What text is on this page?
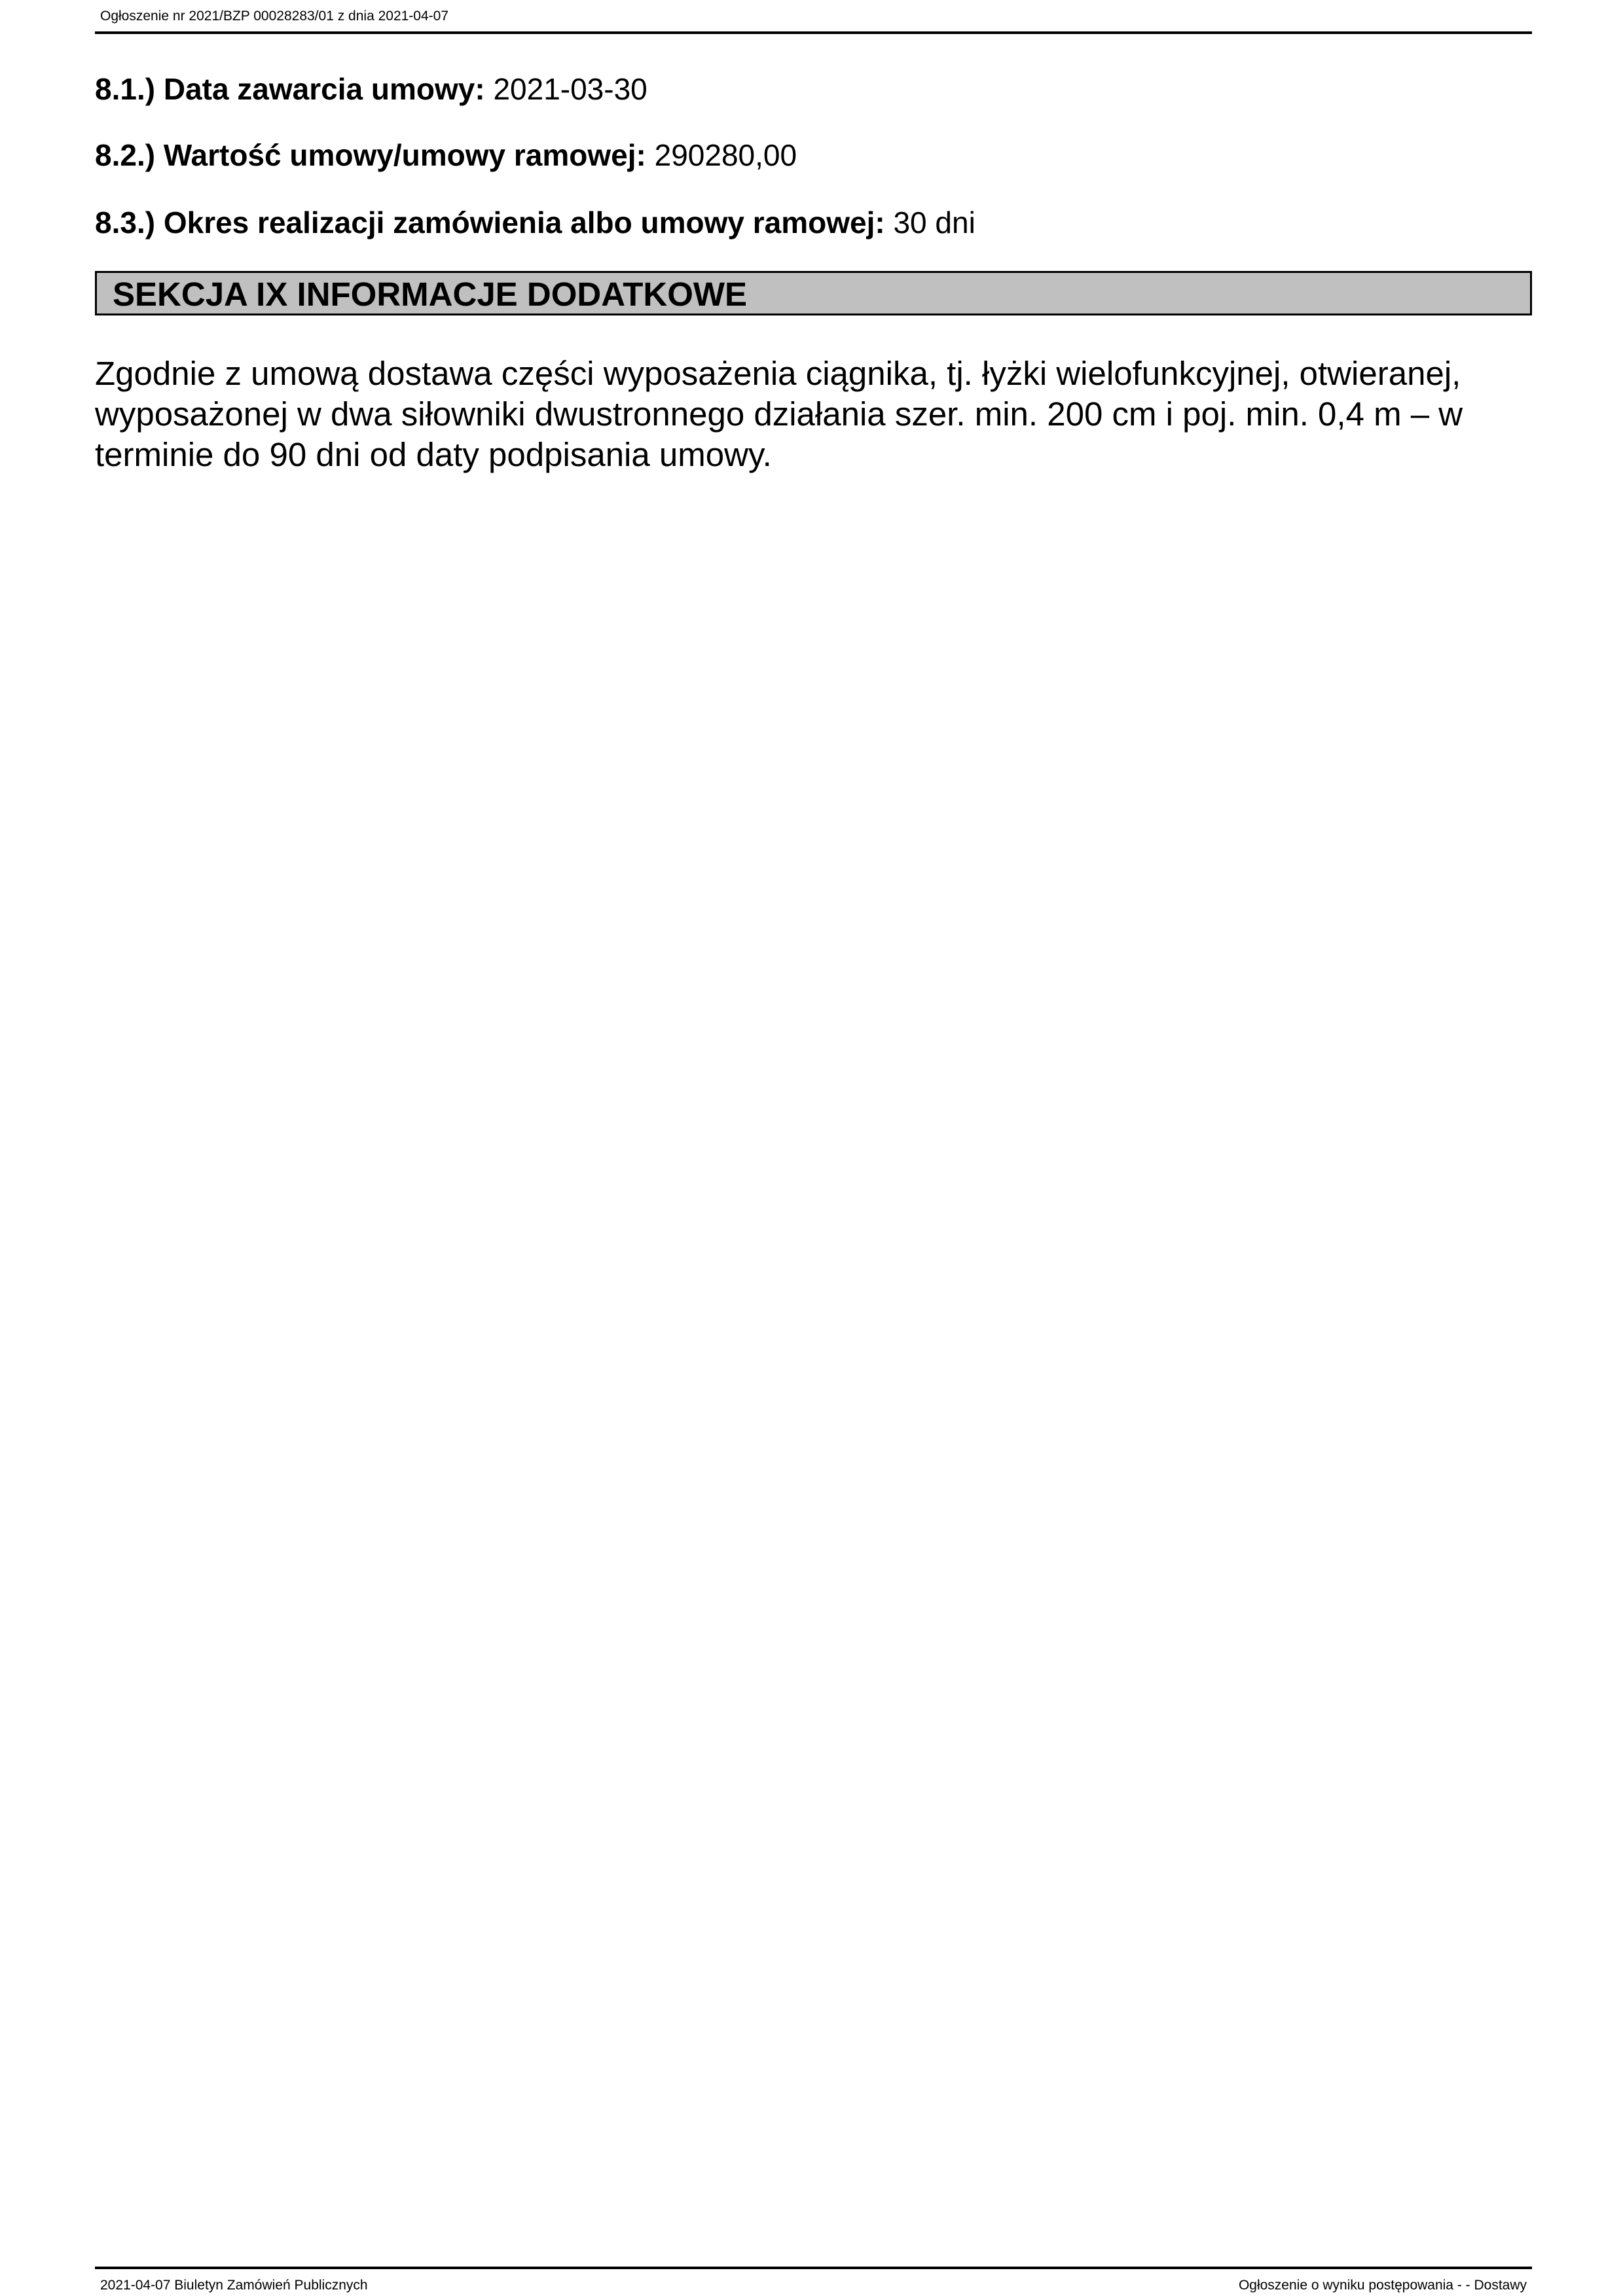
Ogłoszenie nr 2021/BZP 00028283/01 z dnia 2021-04-07
8.1.) Data zawarcia umowy: 2021-03-30
8.2.) Wartość umowy/umowy ramowej: 290280,00
8.3.) Okres realizacji zamówienia albo umowy ramowej: 30 dni
SEKCJA IX INFORMACJE DODATKOWE
Zgodnie z umową dostawa części wyposażenia ciągnika, tj. łyżki wielofunkcyjnej, otwieranej,
wyposażonej w dwa siłowniki dwustronnego działania szer. min. 200 cm i poj. min. 0,4 m – w
terminie do 90 dni od daty podpisania umowy.
2021-04-07 Biuletyn Zamówień Publicznych	Ogłoszenie o wyniku postępowania - - Dostawy
